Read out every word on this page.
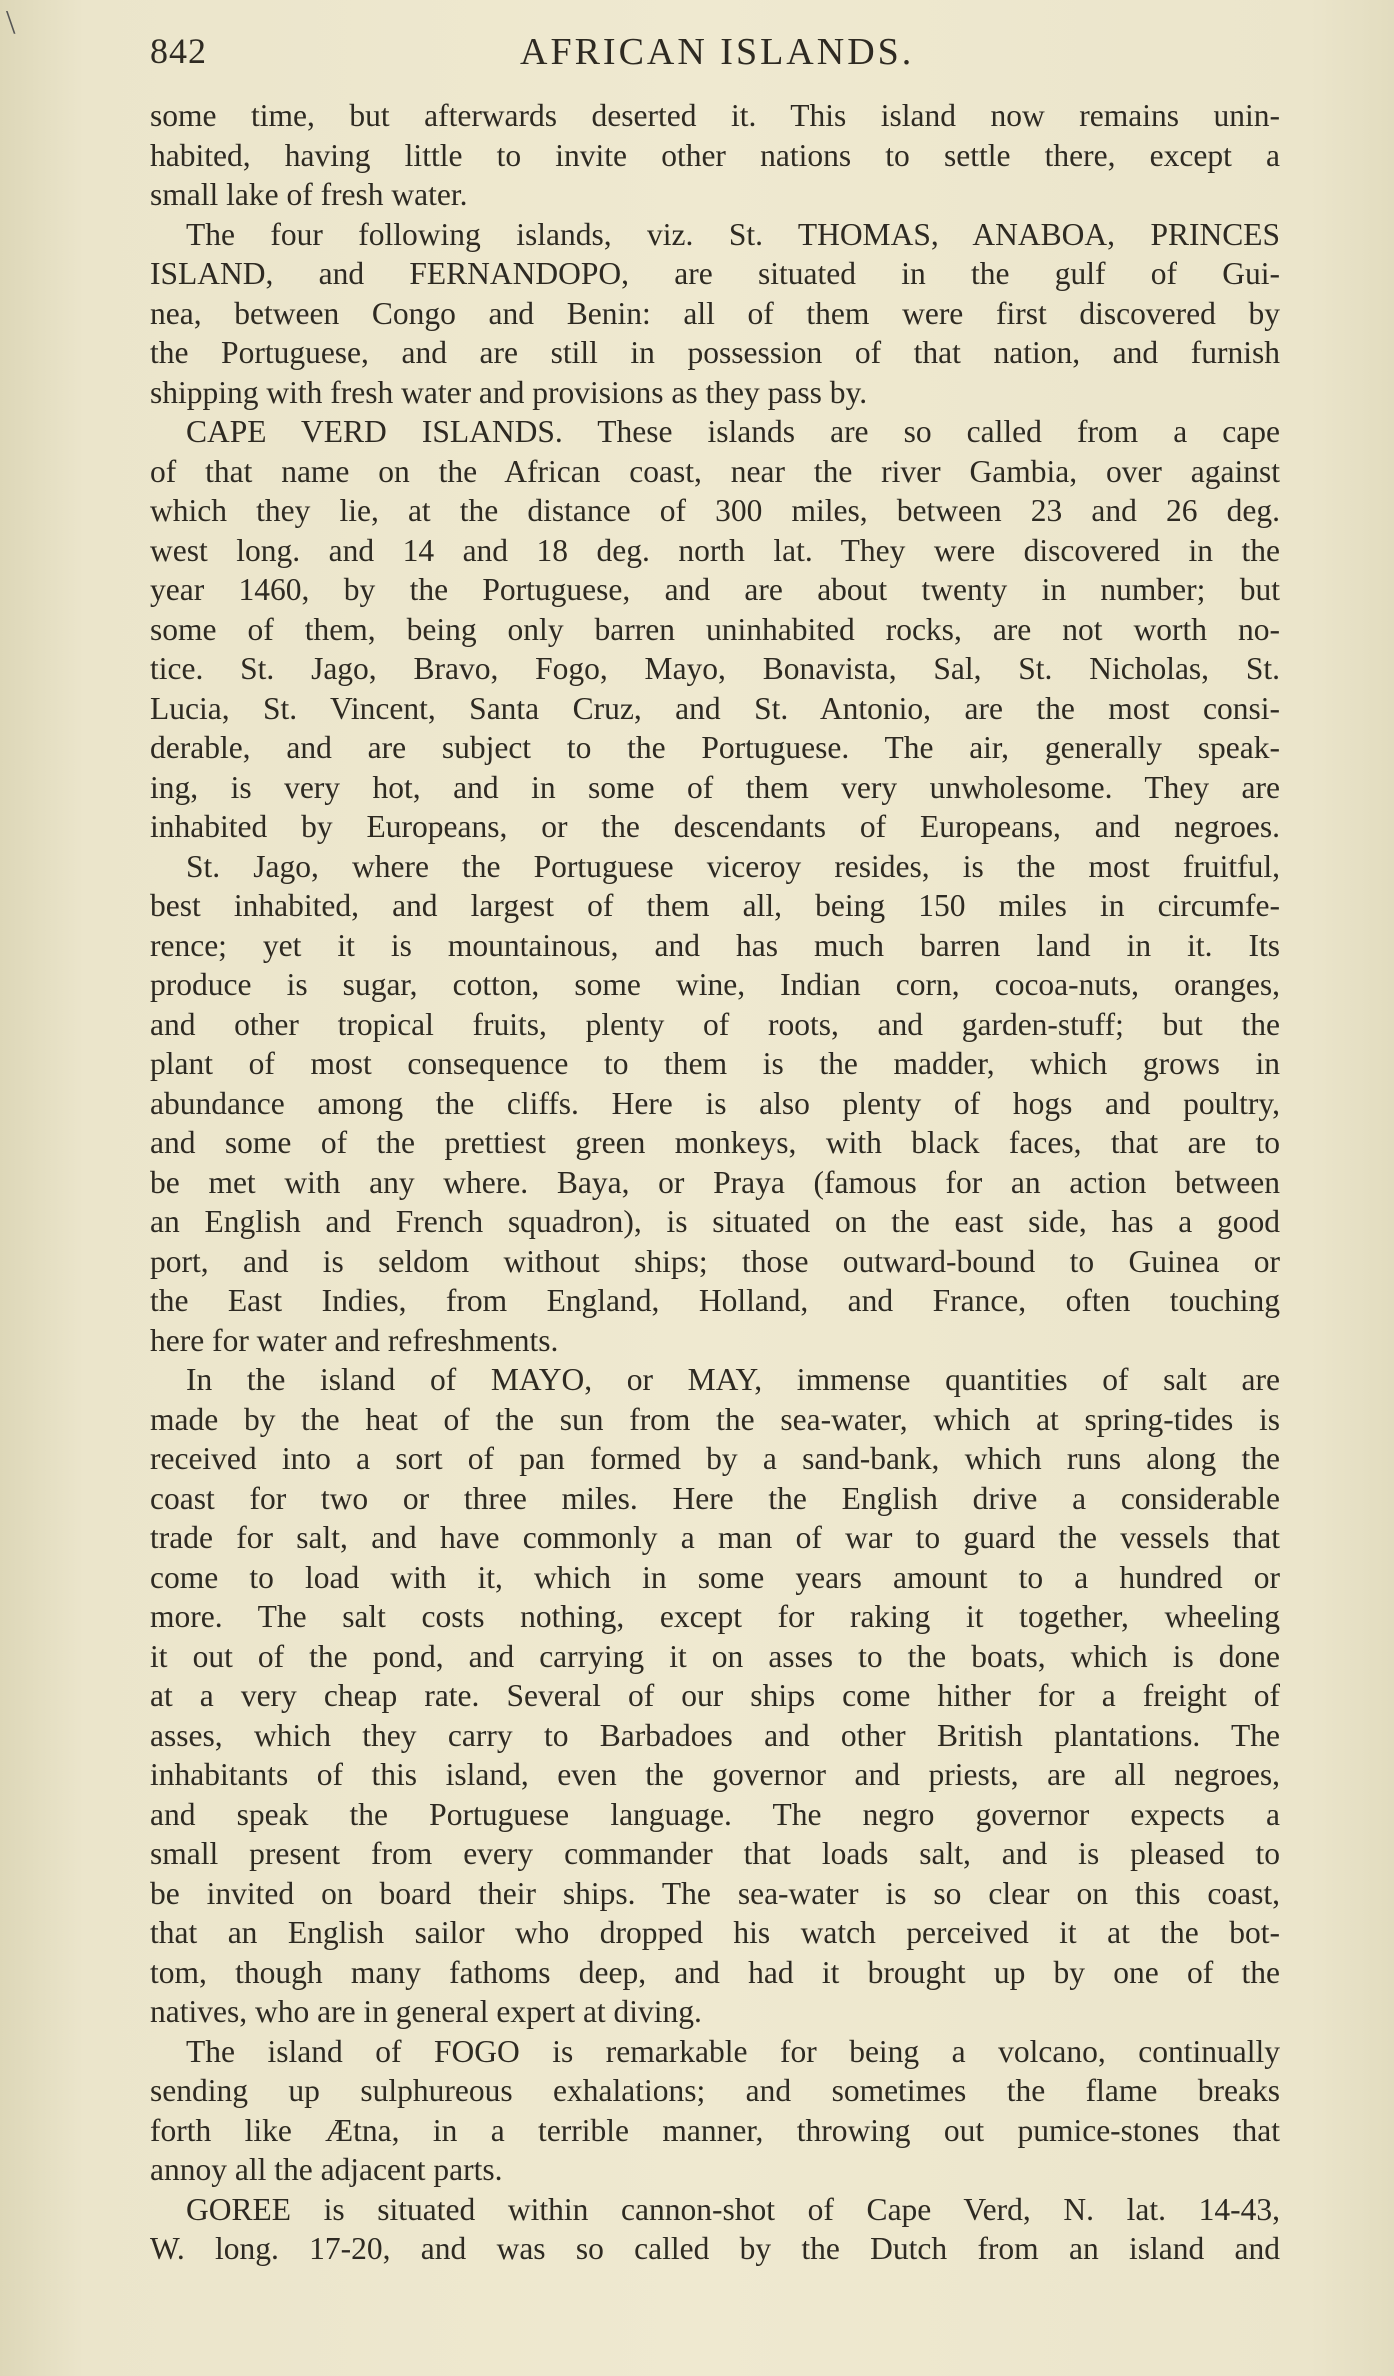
\
842	AFRICAN ISLANDS.
some time, but afterwards deserted it. This island now remains unin-
habited, having little to invite other nations to settle there, except a
small lake of fresh water.
The four following islands, viz. St. THOMAS, ANABOA, PRINCES
ISLAND, and FERNANDOPO, are situated in the gulf of Gui-
nea, between Congo and Benin: all of them were first discovered by
the Portuguese, and are still in possession of that nation, and furnish
shipping with fresh water and provisions as they pass by.
CAPE VERD ISLANDS. These islands are so called from a cape
of that name on the African coast, near the river Gambia, over against
which they lie, at the distance of 300 miles, between 23 and 26 deg.
west long. and 14 and 18 deg. north lat. They were discovered in the
year 1460, by the Portuguese, and are about twenty in number; but
some of them, being only barren uninhabited rocks, are not worth no-
tice. St. Jago, Bravo, Fogo, Mayo, Bonavista, Sal, St. Nicholas, St.
Lucia, St. Vincent, Santa Cruz, and St. Antonio, are the most consi-
derable, and are subject to the Portuguese. The air, generally speak-
ing, is very hot, and in some of them very unwholesome. They are
inhabited by Europeans, or the descendants of Europeans, and negroes.
St. Jago, where the Portuguese viceroy resides, is the most fruitful,
best inhabited, and largest of them all, being 150 miles in circumfe-
rence; yet it is mountainous, and has much barren land in it. Its
produce is sugar, cotton, some wine, Indian corn, cocoa-nuts, oranges,
and other tropical fruits, plenty of roots, and garden-stuff; but the
plant of most consequence to them is the madder, which grows in
abundance among the cliffs. Here is also plenty of hogs and poultry,
and some of the prettiest green monkeys, with black faces, that are to
be met with any where. Baya, or Praya (famous for an action between
an English and French squadron), is situated on the east side, has a good
port, and is seldom without ships; those outward-bound to Guinea or
the East Indies, from England, Holland, and France, often touching
here for water and refreshments.
In the island of MAYO, or MAY, immense quantities of salt are
made by the heat of the sun from the sea-water, which at spring-tides is
received into a sort of pan formed by a sand-bank, which runs along the
coast for two or three miles. Here the English drive a considerable
trade for salt, and have commonly a man of war to guard the vessels that
come to load with it, which in some years amount to a hundred or
more. The salt costs nothing, except for raking it together, wheeling
it out of the pond, and carrying it on asses to the boats, which is done
at a very cheap rate. Several of our ships come hither for a freight of
asses, which they carry to Barbadoes and other British plantations. The
inhabitants of this island, even the governor and priests, are all negroes,
and speak the Portuguese language. The negro governor expects a
small present from every commander that loads salt, and is pleased to
be invited on board their ships. The sea-water is so clear on this coast,
that an English sailor who dropped his watch perceived it at the bot-
tom, though many fathoms deep, and had it brought up by one of the
natives, who are in general expert at diving.
The island of FOGO is remarkable for being a volcano, continually
sending up sulphureous exhalations; and sometimes the flame breaks
forth like Ætna, in a terrible manner, throwing out pumice-stones that
annoy all the adjacent parts.
GOREE is situated within cannon-shot of Cape Verd, N. lat. 14-43,
W. long. 17-20, and was so called by the Dutch from an island and
